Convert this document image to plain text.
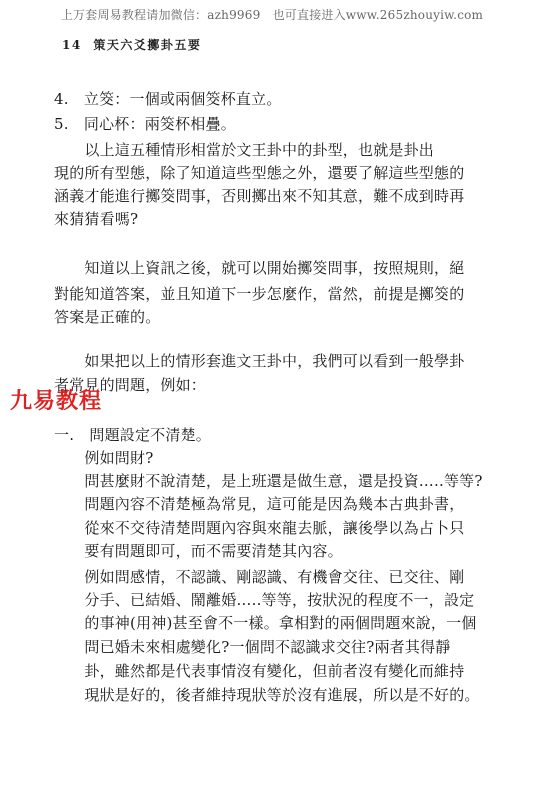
上万套周易教程请加微信：azh9969　也可直接进入www.265zhouyiw.com
14 策天六爻擲卦五要
4.　立筊：一個或兩個筊杯直立。
5.　同心杯：兩筊杯相疊。
　　以上這五種情形相當於文王卦中的卦型，也就是卦出
現的所有型態，除了知道這些型態之外，還要了解這些型態的
涵義才能進行擲筊問事，否則擲出來不知其意，難不成到時再
來猜猜看嗎?
　　知道以上資訊之後，就可以開始擲筊問事，按照規則，絕
對能知道答案，並且知道下一步怎麼作，當然，前提是擲筊的
答案是正確的。
　　如果把以上的情形套進文王卦中，我們可以看到一般學卦
者常見的問題，例如：
一.　問題設定不清楚。
　　例如問財?
　　問甚麼財不說清楚，是上班還是做生意，還是投資…..等等?
　　問題內容不清楚極為常見，這可能是因為幾本古典卦書，
　　從來不交待清楚問題內容與來龍去脈，讓後學以為占卜只
　　要有問題即可，而不需要清楚其內容。
　　例如問感情，不認識、剛認識、有機會交往、已交往、剛
　　分手、已結婚、鬧離婚…..等等，按狀況的程度不一，設定
　　的事神(用神)甚至會不一樣。拿相對的兩個問題來說，一個
　　問已婚未來相處變化?一個問不認識求交往?兩者其得靜
　　卦，雖然都是代表事情沒有變化，但前者沒有變化而維持
　　現狀是好的，後者維持現狀等於沒有進展，所以是不好的。
九易教程
